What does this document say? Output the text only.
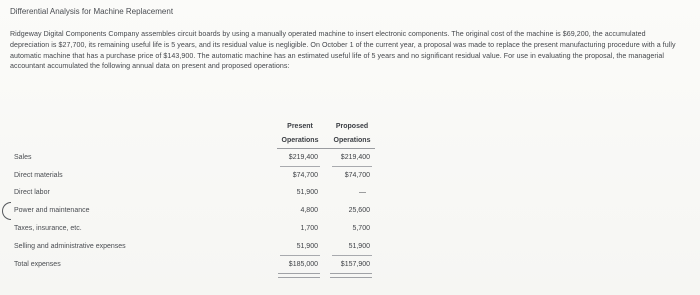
Differential Analysis for Machine Replacement
Ridgeway Digital Components Company assembles circuit boards by using a manually operated machine to insert electronic components. The original cost of the machine is $69,200, the accumulated depreciation is $27,700, its remaining useful life is 5 years, and its residual value is negligible. On October 1 of the current year, a proposal was made to replace the present manufacturing procedure with a fully automatic machine that has a purchase price of $143,900. The automatic machine has an estimated useful life of 5 years and no significant residual value. For use in evaluating the proposal, the managerial accountant accumulated the following annual data on present and proposed operations:
Present	Proposed
Operations	Operations
Sales	$219,400	$219,400
Direct materials	$74,700	$74,700
Direct labor	51,900	—
Power and maintenance	4,800	25,600
Taxes, insurance, etc.	1,700	5,700
Selling and administrative expenses	51,900	51,900
Total expenses	$185,000	$157,900
